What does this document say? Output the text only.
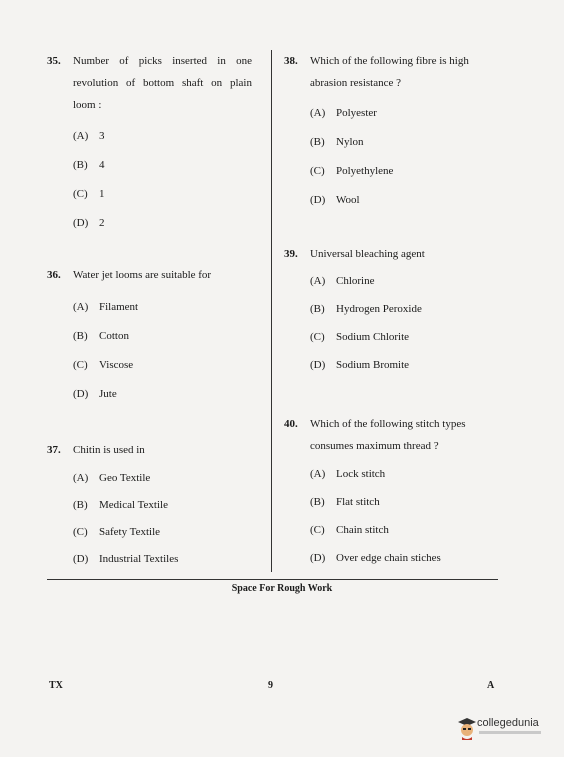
35. Number of picks inserted in one revolution of bottom shaft on plain loom :
(A) 3
(B) 4
(C) 1
(D) 2
36. Water jet looms are suitable for
(A) Filament
(B) Cotton
(C) Viscose
(D) Jute
37. Chitin is used in
(A) Geo Textile
(B) Medical Textile
(C) Safety Textile
(D) Industrial Textiles
38. Which of the following fibre is high abrasion resistance ?
(A) Polyester
(B) Nylon
(C) Polyethylene
(D) Wool
39. Universal bleaching agent
(A) Chlorine
(B) Hydrogen Peroxide
(C) Sodium Chlorite
(D) Sodium Bromite
40. Which of the following stitch types consumes maximum thread ?
(A) Lock stitch
(B) Flat stitch
(C) Chain stitch
(D) Over edge chain stiches
Space For Rough Work
TX	9	A
collegedunia
